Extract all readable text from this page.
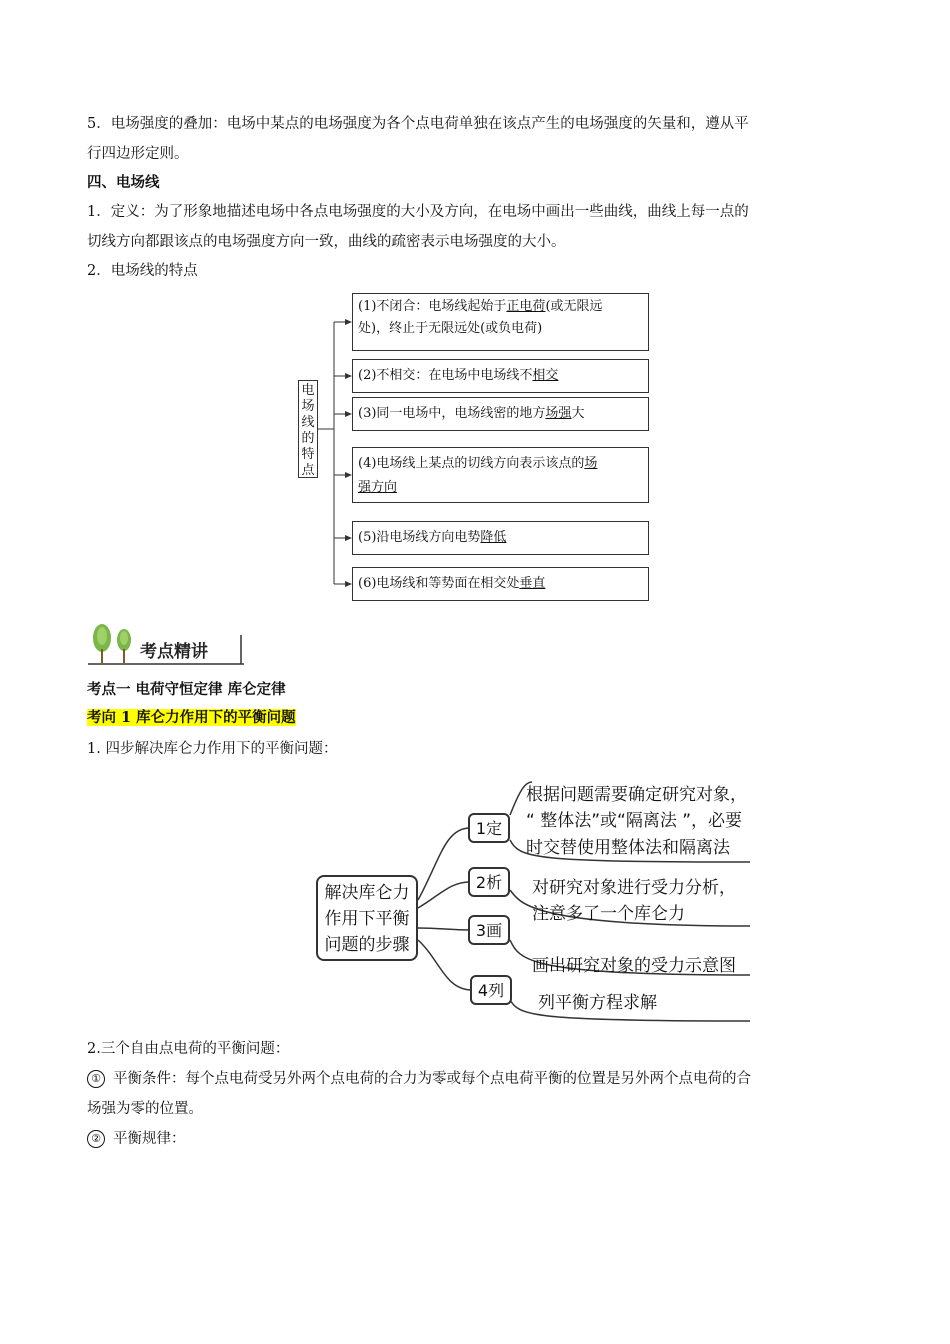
5．电场强度的叠加：电场中某点的电场强度为各个点电荷单独在该点产生的电场强度的矢量和，遵从平

行四边形定则。

四、电场线

1．定义：为了形象地描述电场中各点电场强度的大小及方向，在电场中画出一些曲线，曲线上每一点的

切线方向都跟该点的电场强度方向一致，曲线的疏密表示电场强度的大小。

2．电场线的特点

电
场
线
的
特
点
(1)不闭合：电场线起始于正电荷(或无限远
处)，终止于无限远处(或负电荷)
(2)不相交：在电场中电场线不相交
(3)同一电场中，电场线密的地方场强大
(4)电场线上某点的切线方向表示该点的场
强方向
(5)沿电场线方向电势降低
(6)电场线和等势面在相交处垂直
考点精讲

考点一 电荷守恒定律 库仑定律

考向 1 库仑力作用下的平衡问题

1. 四步解决库仑力作用下的平衡问题：

解决库仑力
作用下平衡
问题的步骤
1定
2析
3画
4列
根据问题需要确定研究对象，
“ 整体法”或“隔离法 ”，必要
时交替使用整体法和隔离法
对研究对象进行受力分析，
注意多了一个库仑力
画出研究对象的受力示意图
列平衡方程求解

2.三个自由点电荷的平衡问题：

① 平衡条件：每个点电荷受另外两个点电荷的合力为零或每个点电荷平衡的位置是另外两个点电荷的合

场强为零的位置。

② 平衡规律：
